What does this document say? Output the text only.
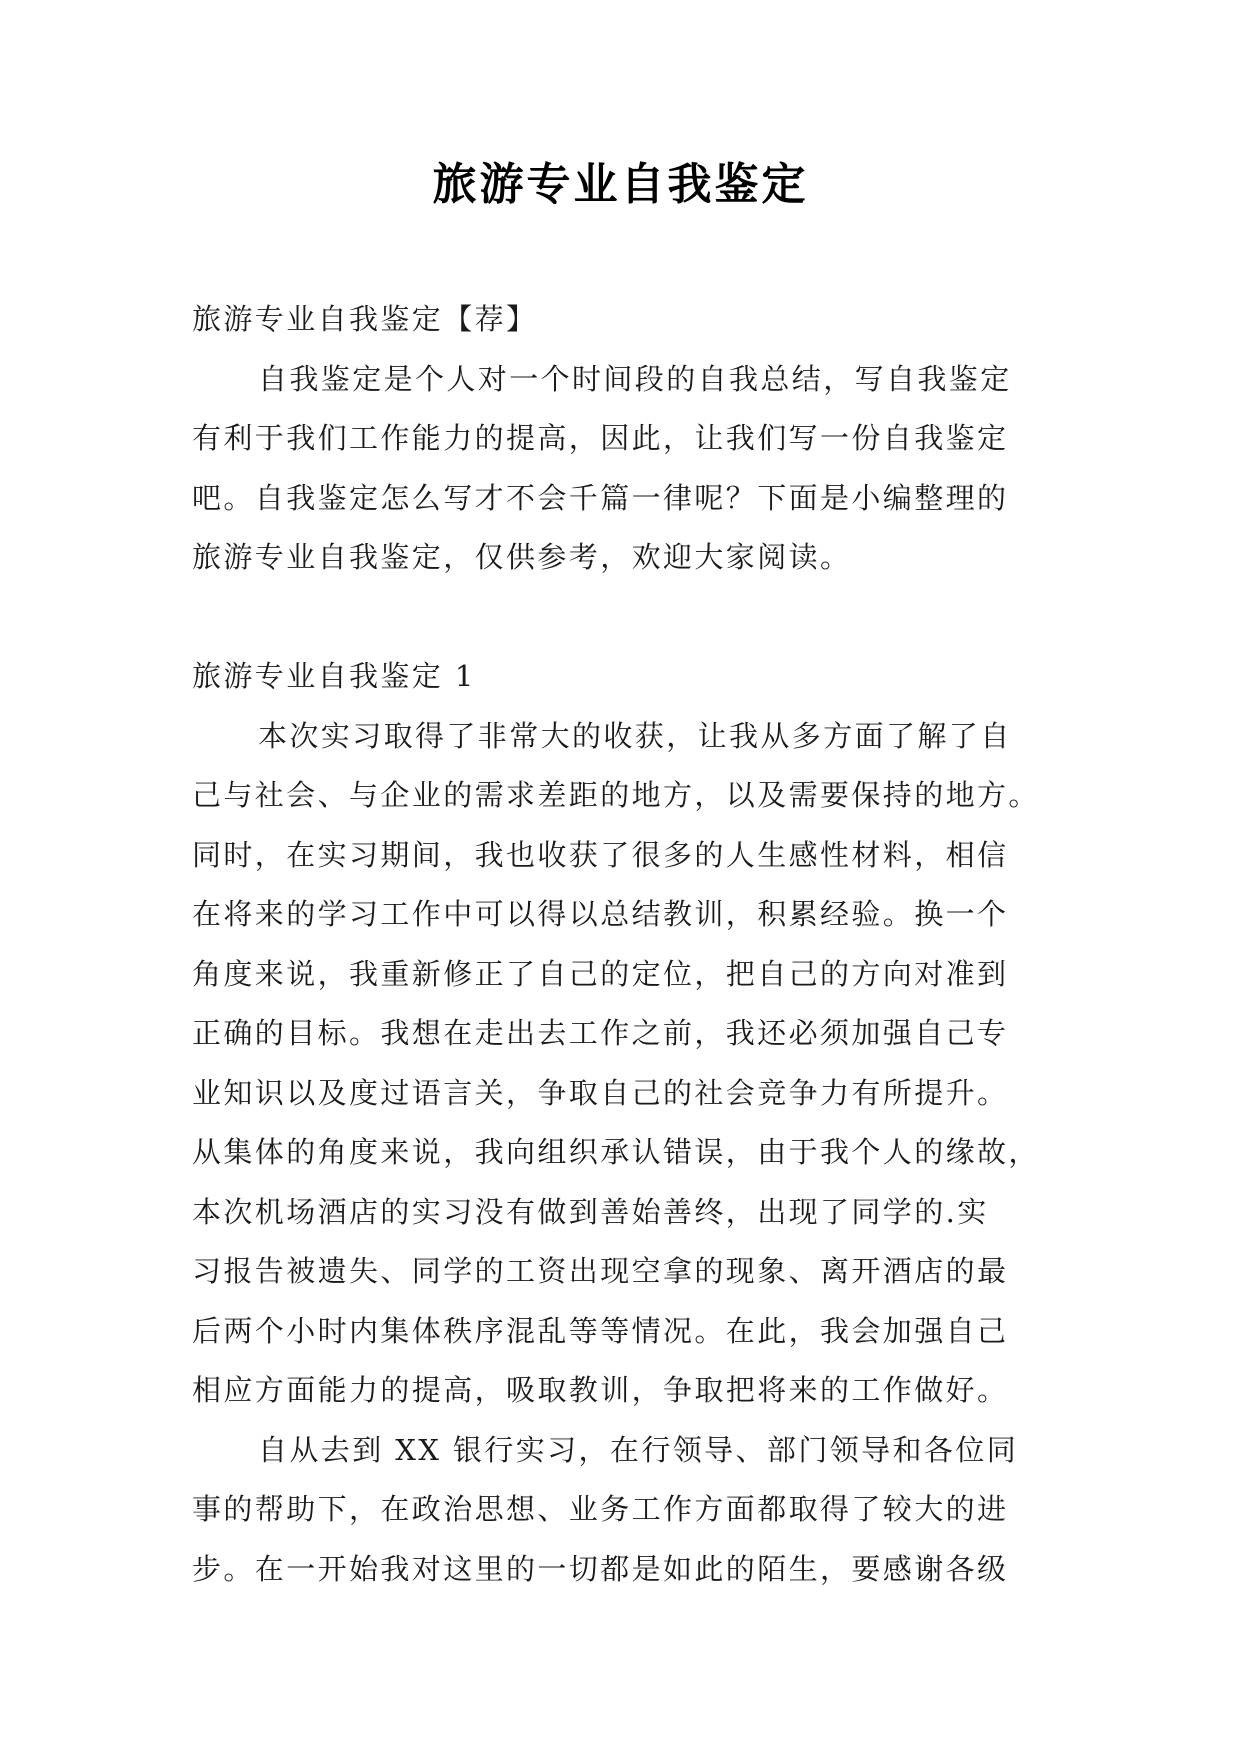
旅游专业自我鉴定
旅游专业自我鉴定【荐】
自我鉴定是个人对一个时间段的自我总结，写自我鉴定
有利于我们工作能力的提高，因此，让我们写一份自我鉴定
吧。自我鉴定怎么写才不会千篇一律呢？下面是小编整理的
旅游专业自我鉴定，仅供参考，欢迎大家阅读。
旅游专业自我鉴定 1
本次实习取得了非常大的收获，让我从多方面了解了自
己与社会、与企业的需求差距的地方，以及需要保持的地方。
同时，在实习期间，我也收获了很多的人生感性材料，相信
在将来的学习工作中可以得以总结教训，积累经验。换一个
角度来说，我重新修正了自己的定位，把自己的方向对准到
正确的目标。我想在走出去工作之前，我还必须加强自己专
业知识以及度过语言关，争取自己的社会竞争力有所提升。
从集体的角度来说，我向组织承认错误，由于我个人的缘故，
本次机场酒店的实习没有做到善始善终，出现了同学的.实
习报告被遗失、同学的工资出现空拿的现象、离开酒店的最
后两个小时内集体秩序混乱等等情况。在此，我会加强自己
相应方面能力的提高，吸取教训，争取把将来的工作做好。
自从去到 XX 银行实习，在行领导、部门领导和各位同
事的帮助下，在政治思想、业务工作方面都取得了较大的进
步。在一开始我对这里的一切都是如此的陌生，要感谢各级
